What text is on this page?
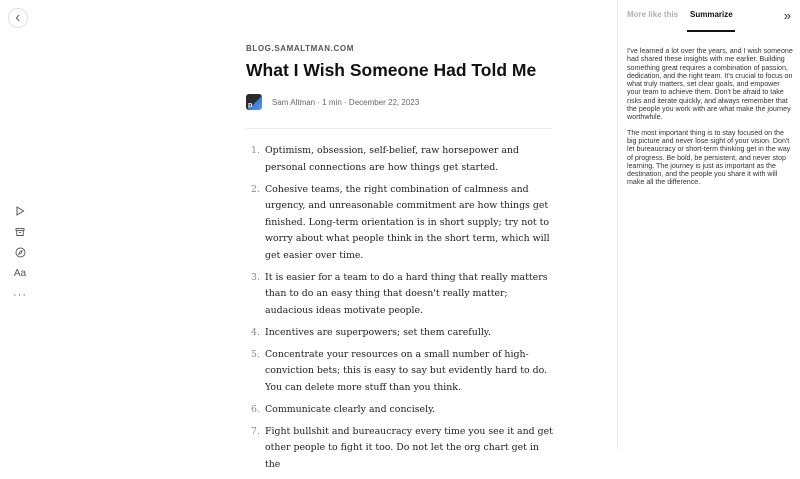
Aa
···
BLOG.SAMALTMAN.COM
What I Wish Someone Had Told Me
p Sam Altman · 1 min · December 22, 2023
1. Optimism, obsession, self-belief, raw horsepower and personal connections are how things get started.
2. Cohesive teams, the right combination of calmness and urgency, and unreasonable commitment are how things get finished. Long-term orientation is in short supply; try not to worry about what people think in the short term, which will get easier over time.
3. It is easier for a team to do a hard thing that really matters than to do an easy thing that doesn't really matter; audacious ideas motivate people.
4. Incentives are superpowers; set them carefully.
5. Concentrate your resources on a small number of high-conviction bets; this is easy to say but evidently hard to do. You can delete more stuff than you think.
6. Communicate clearly and concisely.
7. Fight bullshit and bureaucracy every time you see it and get other people to fight it too. Do not let the org chart get in the
More like this Summarize	»

I've learned a lot over the years, and I wish someone had shared these insights with me earlier. Building something great requires a combination of passion, dedication, and the right team. It's crucial to focus on what truly matters, set clear goals, and empower your team to achieve them. Don't be afraid to take risks and iterate quickly, and always remember that the people you work with are what make the journey worthwhile.

The most important thing is to stay focused on the big picture and never lose sight of your vision. Don't let bureaucracy or short-term thinking get in the way of progress. Be bold, be persistent, and never stop learning. The journey is just as important as the destination, and the people you share it with will make all the difference.
